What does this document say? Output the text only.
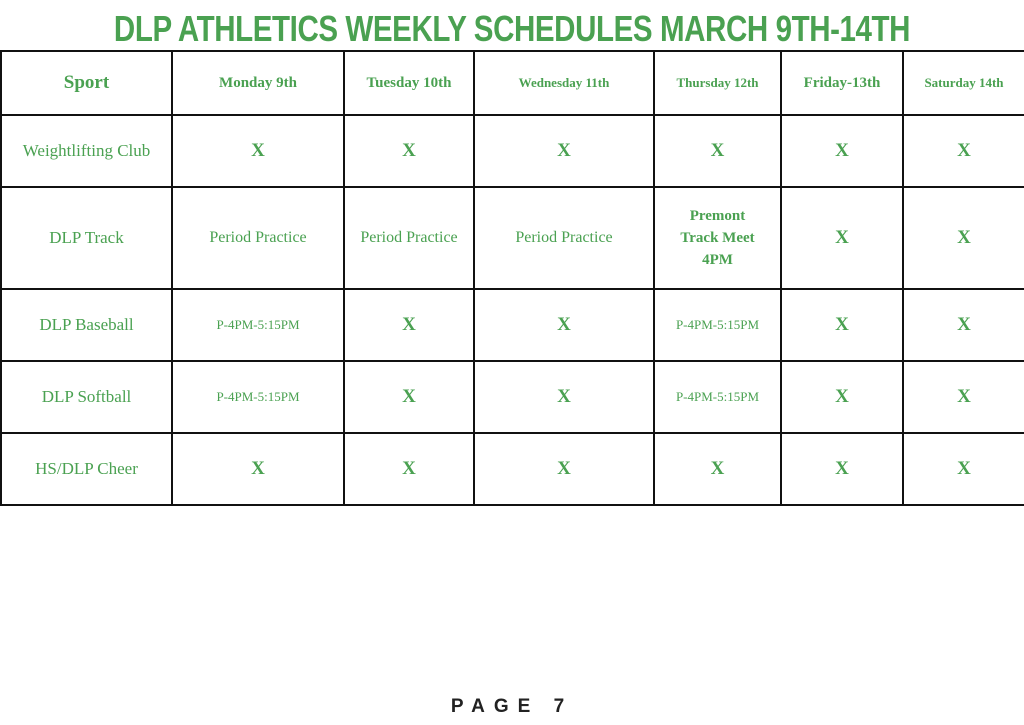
DLP ATHLETICS WEEKLY SCHEDULES MARCH 9TH-14TH
Sport	Monday 9th	Tuesday 10th	Wednesday 11th	Thursday 12th	Friday-13th	Saturday 14th
Weightlifting Club	X	X	X	X	X	X
DLP Track	Period Practice	Period Practice	Period Practice	Premont Track Meet 4PM	X	X
DLP Baseball	P-4PM-5:15PM	X	X	P-4PM-5:15PM	X	X
DLP Softball	P-4PM-5:15PM	X	X	P-4PM-5:15PM	X	X
HS/DLP Cheer	X	X	X	X	X	X
PAGE 7
